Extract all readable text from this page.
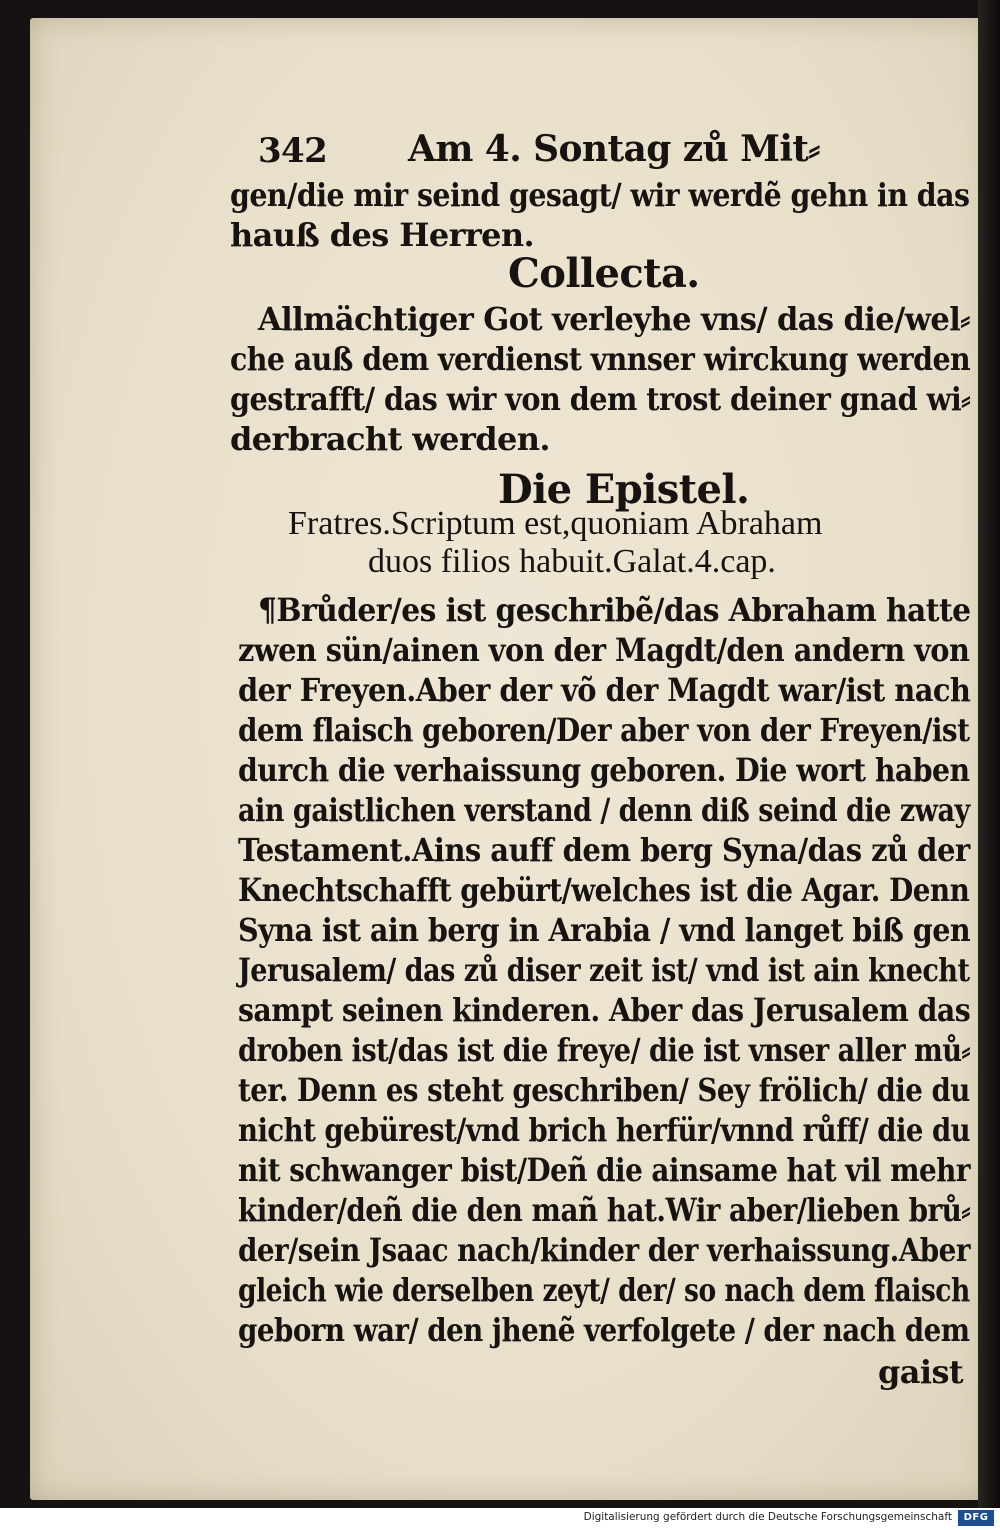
342 Am 4. Sontag zů Mit⸗
gen/die mir seind gesagt/ wir werdẽ gehn in das
hauß des Herren.
Collecta.
Allmächtiger Got verleyhe vns/ das die/wel⸗
che auß dem verdienst vnnser wirckung werden
gestrafft/ das wir von dem trost deiner gnad wi⸗
derbracht werden.
Die Epistel.
Fratres.Scriptum est,quoniam Abraham
duos filios habuit.Galat.4.cap.
¶Brůder/es ist geschribẽ/das Abraham hatte
zwen sün/ainen von der Magdt/den andern von
der Freyen.Aber der võ der Magdt war/ist nach
dem flaisch geboren/Der aber von der Freyen/ist
durch die verhaissung geboren. Die wort haben
ain gaistlichen verstand / denn diß seind die zway
Testament.Ains auff dem berg Syna/das zů der
Knechtschafft gebürt/welches ist die Agar. Denn
Syna ist ain berg in Arabia / vnd langet biß gen
Jerusalem/ das zů diser zeit ist/ vnd ist ain knecht
sampt seinen kinderen. Aber das Jerusalem das
droben ist/das ist die freye/ die ist vnser aller mů⸗
ter. Denn es steht geschriben/ Sey frölich/ die du
nicht gebürest/vnd brich herfür/vnnd růff/ die du
nit schwanger bist/Deñ die ainsame hat vil mehr
kinder/deñ die den mañ hat.Wir aber/lieben brů⸗
der/sein Jsaac nach/kinder der verhaissung.Aber
gleich wie derselben zeyt/ der/ so nach dem flaisch
geborn war/ den jhenẽ verfolgete / der nach dem
gaist
Digitalisierung gefördert durch die Deutsche Forschungsgemeinschaft	DFG
